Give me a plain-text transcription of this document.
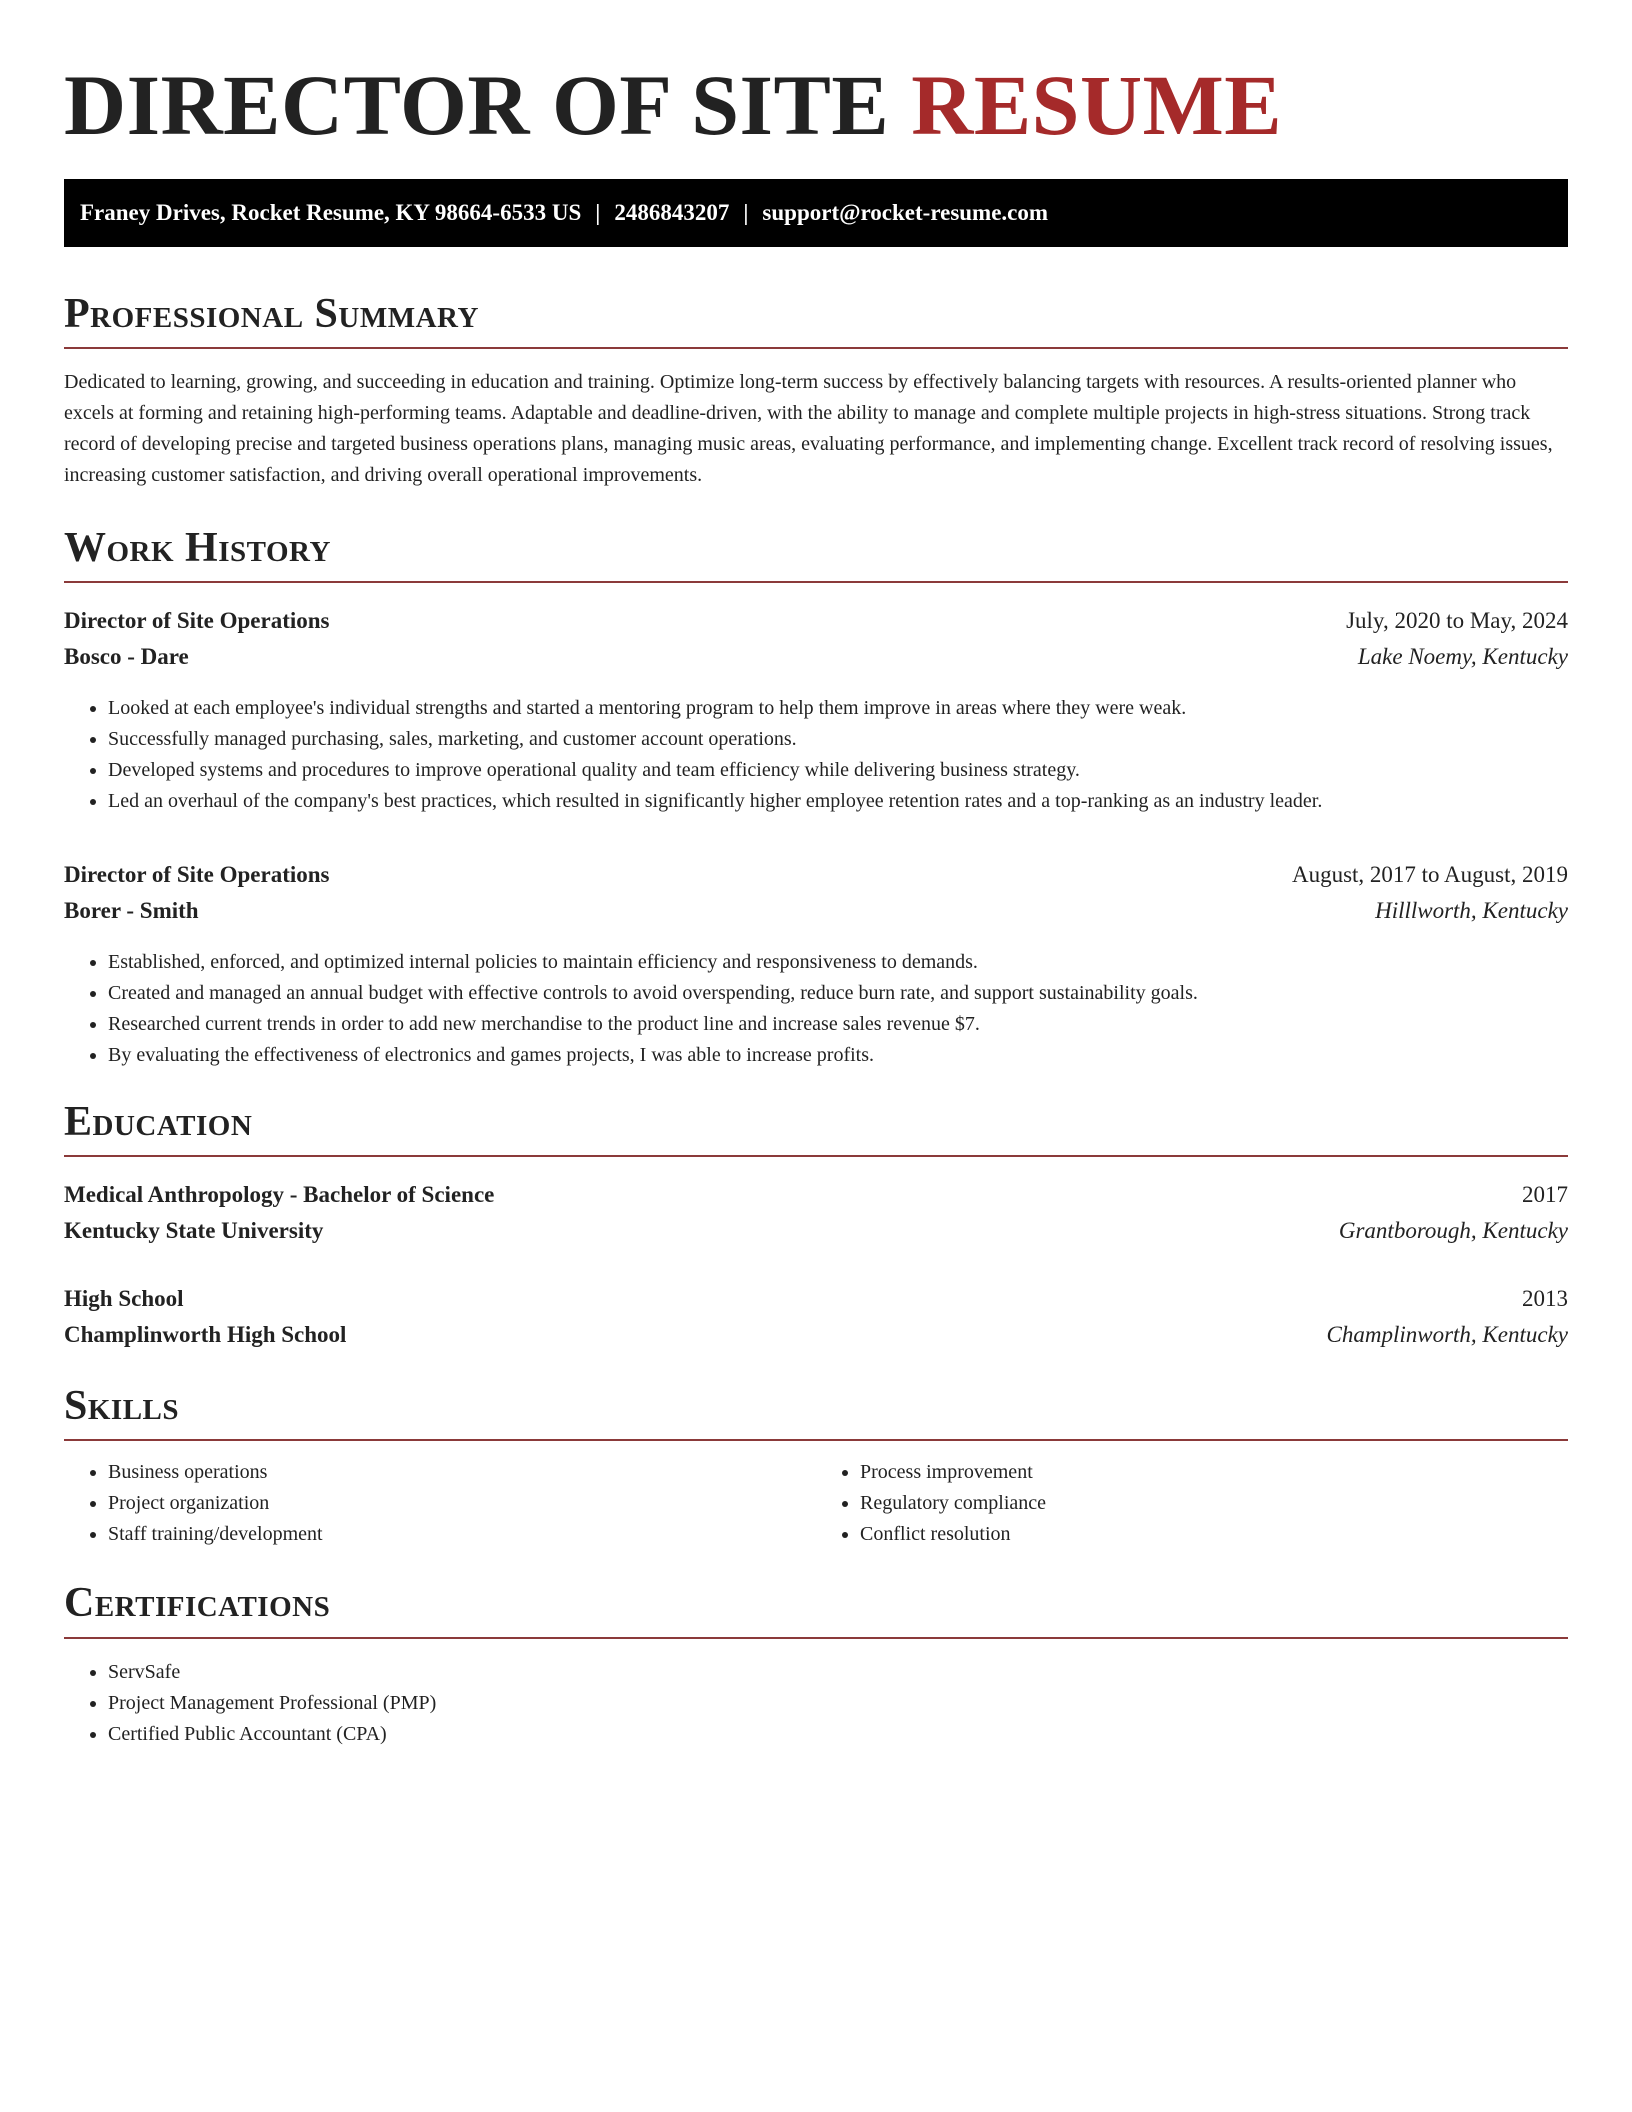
DIRECTOR OF SITE RESUME
Franey Drives, Rocket Resume, KY 98664-6533 US | 2486843207 | support@rocket-resume.com
Professional Summary

Dedicated to learning, growing, and succeeding in education and training. Optimize long-term success by effectively balancing targets with resources. A results-oriented planner who excels at forming and retaining high-performing teams. Adaptable and deadline-driven, with the ability to manage and complete multiple projects in high-stress situations. Strong track record of developing precise and targeted business operations plans, managing music areas, evaluating performance, and implementing change. Excellent track record of resolving issues, increasing customer satisfaction, and driving overall operational improvements.

Work History
Director of Site Operations	July, 2020 to May, 2024
Bosco - Dare	Lake Noemy, Kentucky
• Looked at each employee's individual strengths and started a mentoring program to help them improve in areas where they were weak.
• Successfully managed purchasing, sales, marketing, and customer account operations.
• Developed systems and procedures to improve operational quality and team efficiency while delivering business strategy.
• Led an overhaul of the company's best practices, which resulted in significantly higher employee retention rates and a top-ranking as an industry leader.
Director of Site Operations	August, 2017 to August, 2019
Borer - Smith	Hilllworth, Kentucky
• Established, enforced, and optimized internal policies to maintain efficiency and responsiveness to demands.
• Created and managed an annual budget with effective controls to avoid overspending, reduce burn rate, and support sustainability goals.
• Researched current trends in order to add new merchandise to the product line and increase sales revenue $7.
• By evaluating the effectiveness of electronics and games projects, I was able to increase profits.
Education
Medical Anthropology - Bachelor of Science	2017
Kentucky State University	Grantborough, Kentucky
High School	2013
Champlinworth High School	Champlinworth, Kentucky
Skills
• Business operations
• Project organization
• Staff training/development
• Process improvement
• Regulatory compliance
• Conflict resolution
Certifications
• ServSafe
• Project Management Professional (PMP)
• Certified Public Accountant (CPA)
